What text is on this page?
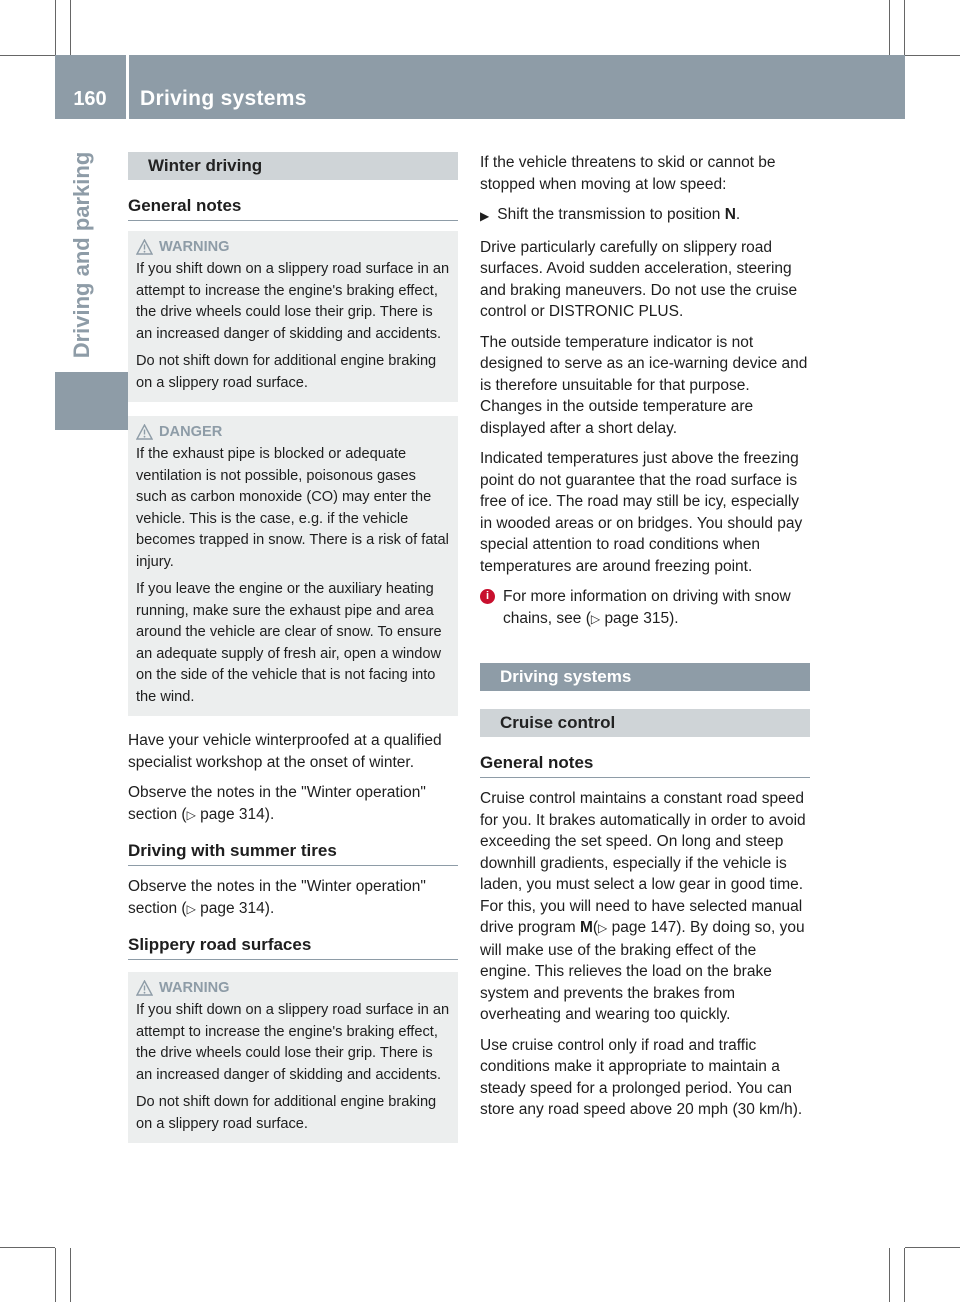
160	Driving systems
Driving and parking	Winter driving
General notes
WARNING

If you shift down on a slippery road surface in an attempt to increase the engine's braking effect, the drive wheels could lose their grip. There is an increased danger of skidding and accidents.

Do not shift down for additional engine braking on a slippery road surface.

DANGER

If the exhaust pipe is blocked or adequate ventilation is not possible, poisonous gases such as carbon monoxide (CO) may enter the vehicle. This is the case, e.g. if the vehicle becomes trapped in snow. There is a risk of fatal injury.

If you leave the engine or the auxiliary heating running, make sure the exhaust pipe and area around the vehicle are clear of snow. To ensure an adequate supply of fresh air, open a window on the side of the vehicle that is not facing into the wind.

Have your vehicle winterproofed at a qualified specialist workshop at the onset of winter.

Observe the notes in the "Winter operation" section (▷ page 314).

Driving with summer tires

Observe the notes in the "Winter operation" section (▷ page 314).

Slippery road surfaces
WARNING

If you shift down on a slippery road surface in an attempt to increase the engine's braking effect, the drive wheels could lose their grip. There is an increased danger of skidding and accidents.

Do not shift down for additional engine braking on a slippery road surface.

If the vehicle threatens to skid or cannot be stopped when moving at low speed:

▶ Shift the transmission to position N.

Drive particularly carefully on slippery road surfaces. Avoid sudden acceleration, steering and braking maneuvers. Do not use the cruise control or DISTRONIC PLUS.

The outside temperature indicator is not designed to serve as an ice-warning device and is therefore unsuitable for that purpose. Changes in the outside temperature are displayed after a short delay.

Indicated temperatures just above the freezing point do not guarantee that the road surface is free of ice. The road may still be icy, especially in wooded areas or on bridges. You should pay special attention to road conditions when temperatures are around freezing point.

i For more information on driving with snow chains, see (▷ page 315).

Driving systems
Cruise control
General notes

Cruise control maintains a constant road speed for you. It brakes automatically in order to avoid exceeding the set speed. On long and steep downhill gradients, especially if the vehicle is laden, you must select a low gear in good time. For this, you will need to have selected manual drive program M(▷ page 147). By doing so, you will make use of the braking effect of the engine. This relieves the load on the brake system and prevents the brakes from overheating and wearing too quickly.

Use cruise control only if road and traffic conditions make it appropriate to maintain a steady speed for a prolonged period. You can store any road speed above 20 mph (30 km/h).
